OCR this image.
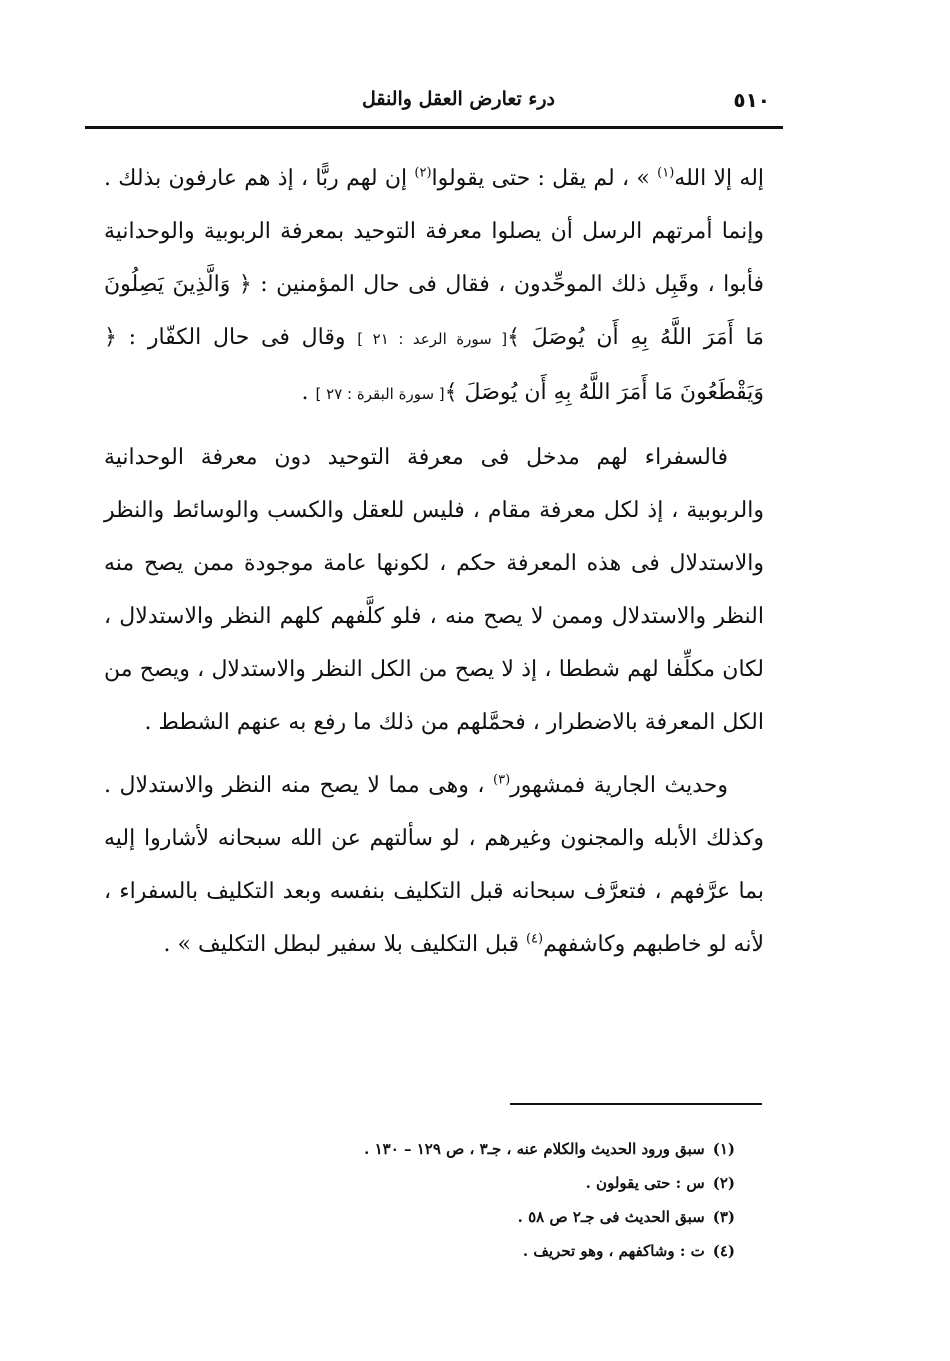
٥١٠
درء تعارض العقل والنقل

إله إلا الله$^{(١)}$ » ، لم يقل : حتى يقولوا$^{(٢)}$ إن لهم ربًّا ، إذ هم عارفون بذلك . وإنما أمرتهم الرسل أن يصلوا معرفة التوحيد بمعرفة الربوبية والوحدانية فأبوا ، وقَبِل ذلك الموحِّدون ، فقال فى حال المؤمنين : ﴿ وَالَّذِينَ يَصِلُونَ مَا أَمَرَ اللَّهُ بِهِ أَن يُوصَلَ ﴾[ سورة الرعد : ٢١ ] وقال فى حال الكفّار : ﴿ وَيَقْطَعُونَ مَا أَمَرَ اللَّهُ بِهِ أَن يُوصَلَ ﴾[ سورة البقرة : ٢٧ ] .

فالسفراء لهم مدخل فى معرفة التوحيد دون معرفة الوحدانية والربوبية ، إذ لكل معرفة مقام ، فليس للعقل والكسب والوسائط والنظر والاستدلال فى هذه المعرفة حكم ، لكونها عامة موجودة ممن يصح منه النظر والاستدلال وممن لا يصح منه ، فلو كلَّفهم كلهم النظر والاستدلال ، لكان مكلِّفا لهم شططا ، إذ لا يصح من الكل النظر والاستدلال ، ويصح من الكل المعرفة بالاضطرار ، فحمَّلهم من ذلك ما رفع به عنهم الشطط .

وحديث الجارية فمشهور$^{(٣)}$ ، وهى مما لا يصح منه النظر والاستدلال . وكذلك الأبله والمجنون وغيرهم ، لو سألتهم عن الله سبحانه لأشاروا إليه بما عرَّفهم ، فتعرَّف سبحانه قبل التكليف بنفسه وبعد التكليف بالسفراء ، لأنه لو خاطبهم وكاشفهم$^{(٤)}$ قبل التكليف بلا سفير لبطل التكليف » .

(١)سبق ورود الحديث والكلام عنه ، جـ٣ ، ص ١٢٩ – ١٣٠ .

(٢)س : حتى يقولون .

(٣)سبق الحديث فى جـ٢ ص ٥٨ .

(٤)ت : وشاكفهم ، وهو تحريف .
